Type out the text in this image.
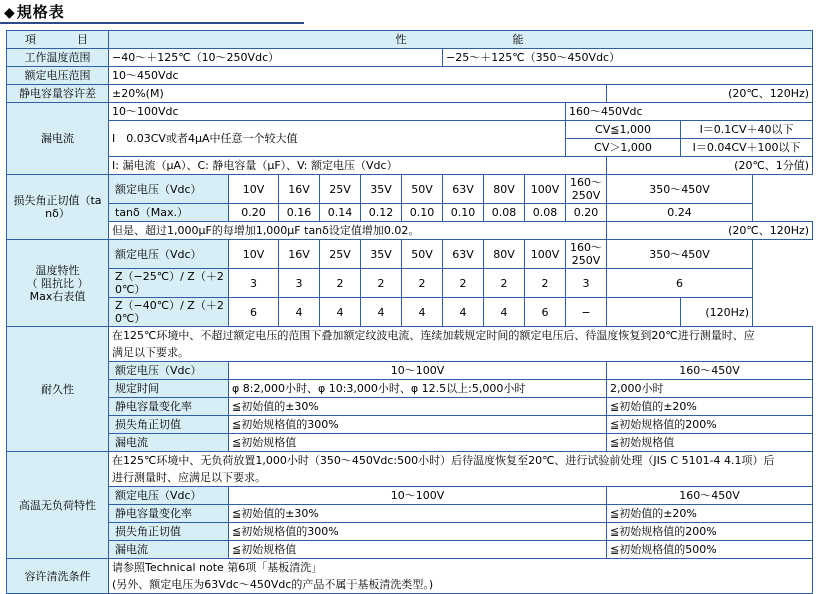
◆ 規格表
項　　　目	性　　　　　　　　能											
工作温度范围	−40～＋125℃（10～250Vdc）						−25～＋125℃（350～450Vdc）					
额定电压范围	10～450Vdc											
静电容量容许差	±20%(M)										(20℃、120Hz)	
漏电流	10～100Vdc									160～450Vdc		
	Ⅰ　0.03CV或者4μA中任意一个较大值									CV≦1,000		I＝0.1CV＋40以下
										CV＞1,000		I＝0.04CV＋100以下
	Ⅰ: 漏电流（μA）、C: 静电容量（μF）、V: 额定电压（Vdc）										(20℃、1分值)	
损失角正切值（tanδ）	额定电压（Vdc）	10V	16V	25V	35V	50V	63V	80V	100V	160～250V	350～450V	
	tanδ（Max.）	0.20	0.16	0.14	0.12	0.10	0.10	0.08	0.08	0.20	0.24	
	但是、超过1,000μF的每增加1,000μF tanδ设定值增加0.02。										(20℃、120Hz)	

温度特性
（ 阻抗比 ）
Max右表值	额定电压（Vdc）	10V	16V	25V	35V	50V	63V	80V	100V	160～250V	350～450V	
	Z（−25℃）/ Z（＋20℃）	3	3	2	2	2	2	2	2	3	6	
	Z（−40℃）/ Z（＋20℃）	6	4	4	4	4	4	4	6	−		(120Hz)
耐久性	在125℃环境中、不超过额定电压的范围下叠加额定纹波电流、连续加载规定时间的额定电压后、待温度恢复到20℃进行测量时、应											
	满足以下要求。											
	额定电压（Vdc）	10～100V									160～450V	
	规定时间	φ 8:2,000小时、φ 10:3,000小时、φ 12.5以上:5,000小时									2,000小时	
	静电容量变化率	≦初始值的±30%									≦初始值的±20%	
	损失角正切值	≦初始规格值的300%									≦初始规格值的200%	
	漏电流	≦初始规格值									≦初始规格值	
高温无负荷特性	在125℃环境中、无负荷放置1,000小时（350～450Vdc:500小时）后待温度恢复至20℃、进行试验前处理（JIS C 5101-4 4.1项）后											
	进行测量时、应满足以下要求。											
	额定电压（Vdc）	10～100V									160～450V	
	静电容量变化率	≦初始值的±30%									≦初始值的±20%	
	损失角正切值	≦初始规格值的300%									≦初始规格值的200%	
	漏电流	≦初始规格值									≦初始规格值的500%	
容许清洗条件	请参照Technical note 第6项「基板清洗」											
	(另外、额定电压为63Vdc～450Vdc的产品不属于基板清洗类型。)											
